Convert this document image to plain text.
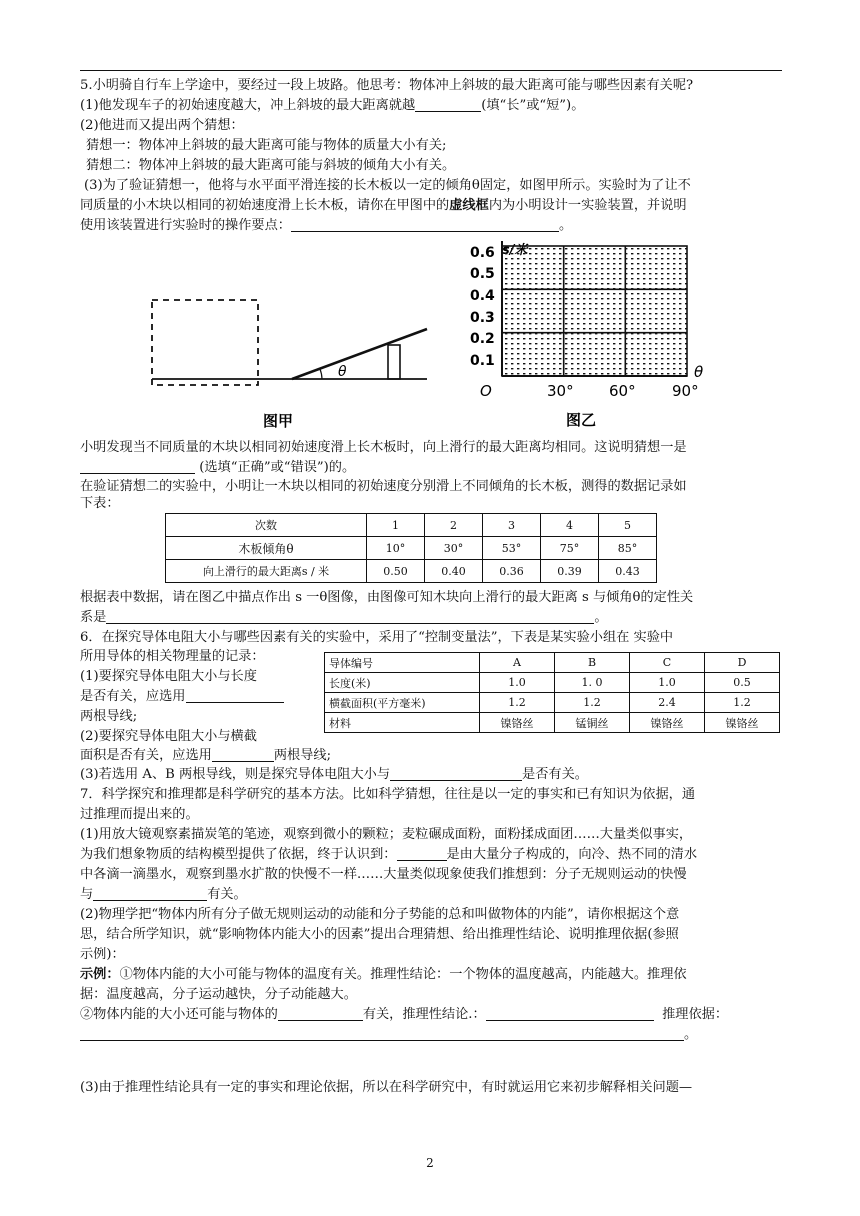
5.小明骑自行车上学途中，要经过一段上坡路。他思考：物体冲上斜坡的最大距离可能与哪些因素有关呢?
(1)他发现车子的初始速度越大，冲上斜坡的最大距离就越	(填“长”或“短”)。
(2)他进而又提出两个猜想：
猜想一：物体冲上斜坡的最大距离可能与物体的质量大小有关;
猜想二：物体冲上斜坡的最大距离可能与斜坡的倾角大小有关。
(3)为了验证猜想一，他将与水平面平滑连接的长木板以一定的倾角θ固定，如图甲所示。实验时为了让不
同质量的小木块以相同的初始速度滑上长木板，请你在甲图中的虚线框内为小明设计一实验装置，并说明
使用该装置进行实验时的操作要点：	。
θ
图甲
0.6
0.5
0.4
0.3
0.2
0.1
O	30° 60° 90°
θ
图乙
小明发现当不同质量的木块以相同初始速度滑上长木板时，向上滑行的最大距离均相同。这说明猜想一是
(选填“正确”或“错误”)的。
在验证猜想二的实验中，小明让一木块以相同的初始速度分别滑上不同倾角的长木板，测得的数据记录如
下表：
次数	1	2	3	4	5
木板倾角θ	10°	30°	53°	75°	85°
向上滑行的最大距离s / 米	0.50	0.40	0.36	0.39	0.43
根据表中数据，请在图乙中描点作出 s 一θ图像，由图像可知木块向上滑行的最大距离 s 与倾角θ的定性关
系是	。
6．在探究导体电阻大小与哪些因素有关的实验中，采用了“控制变量法”，下表是某实验小组在 实验中
所用导体的相关物理量的记录：
(1)要探究导体电阻大小与长度
是否有关，应选用
两根导线;
(2)要探究导体电阻大小与横截
面积是否有关，应选用	两根导线;
(3)若选用 A、B 两根导线，则是探究导体电阻大小与	是否有关。
导体编号	A	B	C	D
长度(米)	1.0	1. 0	1.0	0.5
横截面积(平方毫米)	1.2	1.2	2.4	1.2
材料	镍铬丝	锰铜丝	镍铬丝	镍铬丝
7．科学探究和推理都是科学研究的基本方法。比如科学猜想，往往是以一定的事实和已有知识为依据，通
过推理而提出来的。
(1)用放大镜观察素描炭笔的笔迹，观察到微小的颗粒；麦粒碾成面粉，面粉揉成面团……大量类似事实，
为我们想象物质的结构模型提供了依据，终于认识到：	是由大量分子构成的，向冷、热不同的清水
中各滴一滴墨水，观察到墨水扩散的快慢不一样……大量类似现象使我们推想到：分子无规则运动的快慢
与	有关。
(2)物理学把“物体内所有分子做无规则运动的动能和分子势能的总和叫做物体的内能”，请你根据这个意
思，结合所学知识，就“影响物体内能大小的因素”提出合理猜想、给出推理性结论、说明推理依据(参照
示例)：
示例：①物体内能的大小可能与物体的温度有关。推理性结论：一个物体的温度越高，内能越大。推理依
据：温度越高，分子运动越快，分子动能越大。
②物体内能的大小还可能与物体的	有关，推理性结论.：	推理依据：
。
(3)由于推理性结论具有一定的事实和理论依据，所以在科学研究中，有时就运用它来初步解释相关问题—
2
